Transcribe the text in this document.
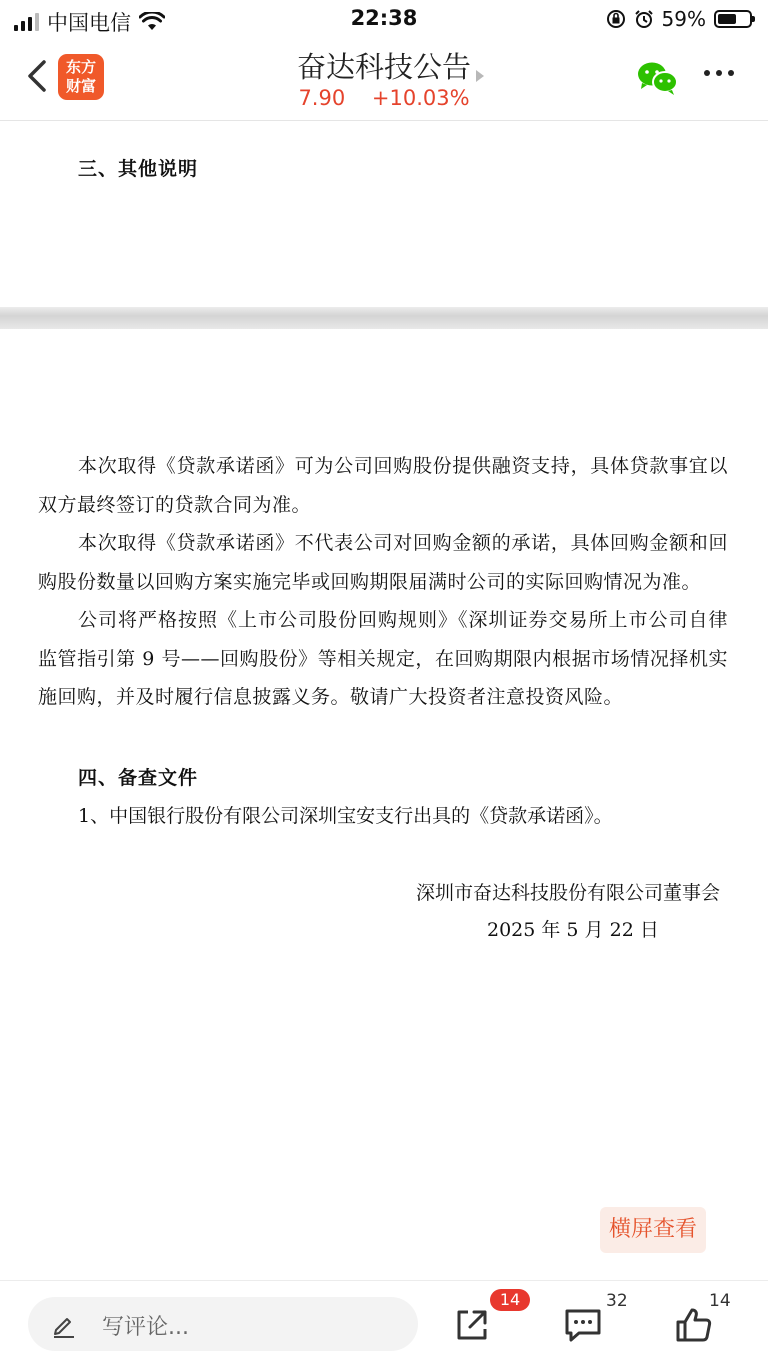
中国电信	22:38	59%
东方
财富
奋达科技公告
7.90 +10.03%
三、其他说明
本次取得《贷款承诺函》可为公司回购股份提供融资支持，具体贷款事宜以双方最终签订的贷款合同为准。
本次取得《贷款承诺函》不代表公司对回购金额的承诺，具体回购金额和回购股份数量以回购方案实施完毕或回购期限届满时公司的实际回购情况为准。
公司将严格按照《上市公司股份回购规则》《深圳证券交易所上市公司自律监管指引第 9 号——回购股份》等相关规定，在回购期限内根据市场情况择机实施回购，并及时履行信息披露义务。敬请广大投资者注意投资风险。
四、备查文件
1、中国银行股份有限公司深圳宝安支行出具的《贷款承诺函》。
深圳市奋达科技股份有限公司董事会
2025 年 5 月 22 日
横屏查看
写评论...
14	32	14
